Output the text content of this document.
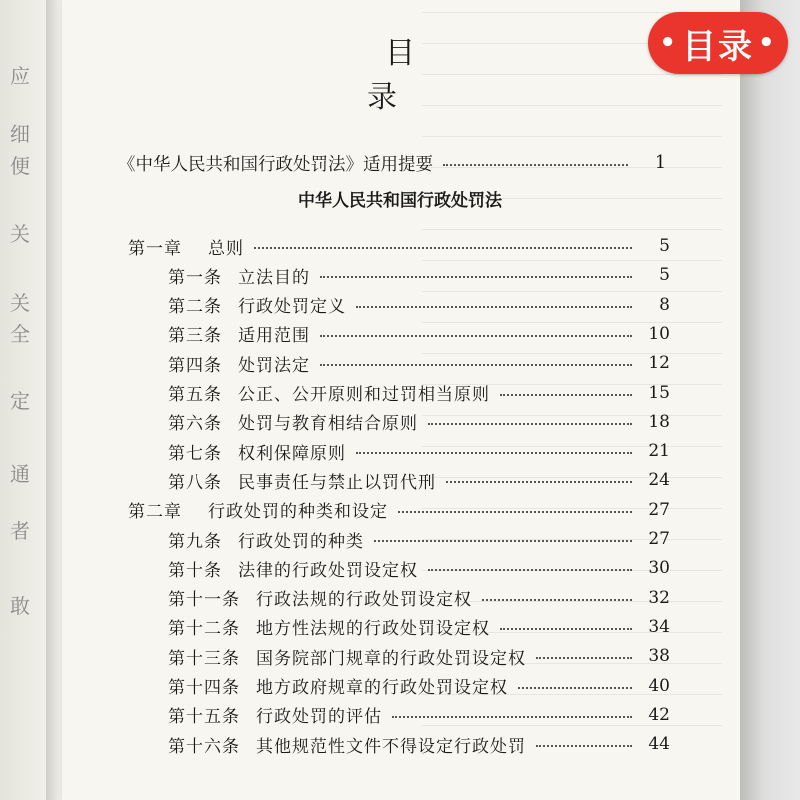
应
细
便
关
关
全
定
通
者
敢
目 录
《中华人民共和国行政处罚法》适用提要	1
中华人民共和国行政处罚法
第一章	总则	5
第一条 立法目的	5
第二条 行政处罚定义	8
第三条 适用范围	10
第四条 处罚法定	12
第五条 公正、公开原则和过罚相当原则	15
第六条 处罚与教育相结合原则	18
第七条 权利保障原则	21
第八条 民事责任与禁止以罚代刑	24
第二章	行政处罚的种类和设定	27
第九条 行政处罚的种类	27
第十条 法律的行政处罚设定权	30
第十一条 行政法规的行政处罚设定权	32
第十二条 地方性法规的行政处罚设定权	34
第十三条 国务院部门规章的行政处罚设定权	38
第十四条 地方政府规章的行政处罚设定权	40
第十五条 行政处罚的评估	42
第十六条 其他规范性文件不得设定行政处罚	44
• 目录 •
